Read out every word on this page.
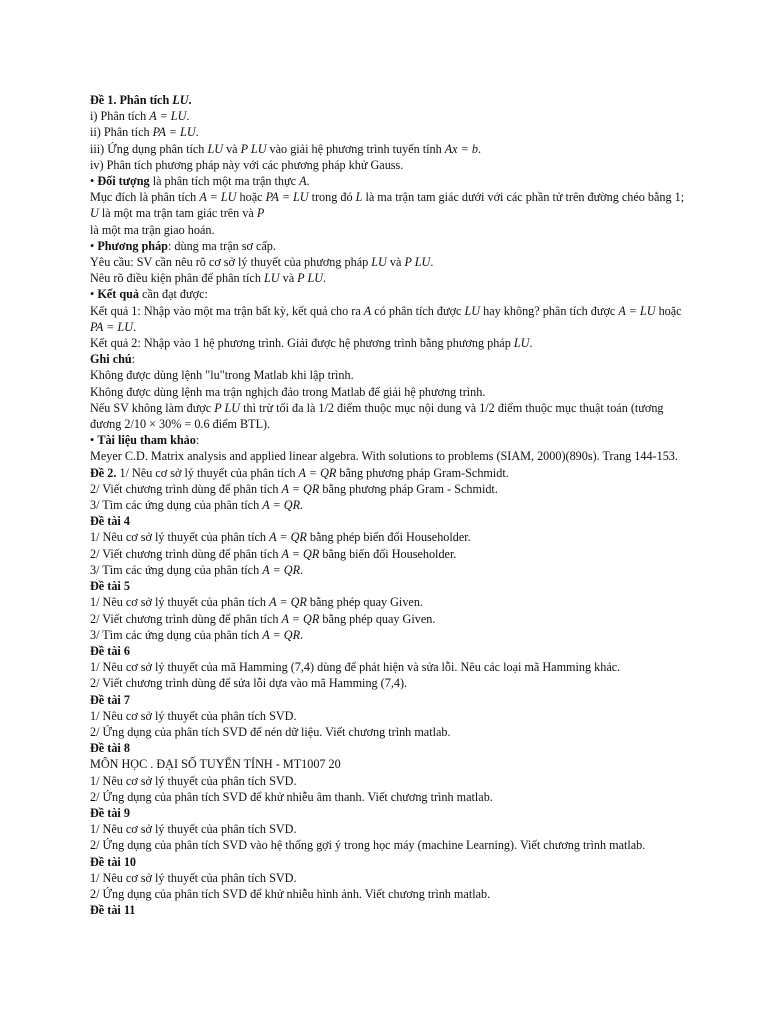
Đề 1. Phân tích LU.
i) Phân tích A = LU.
ii) Phân tích PA = LU.
iii) Ứng dụng phân tích LU và P LU vào giải hệ phương trình tuyến tính Ax = b.
iv) Phân tích phương pháp này với các phương pháp khử Gauss.
• Đối tượng là phân tích một ma trận thực A.
Mục đích là phân tích A = LU hoặc PA = LU trong đó L là ma trận tam giác dưới với các phần tử trên đường chéo bằng 1; U là một ma trận tam giác trên và P
là một ma trận giao hoán.
• Phương pháp: dùng ma trận sơ cấp.
Yêu cầu: SV cần nêu rõ cơ sở lý thuyết của phương pháp LU và P LU.
Nêu rõ điều kiện phân để phân tích LU và P LU.
• Kết quả cần đạt được:
Kết quả 1: Nhập vào một ma trận bất kỳ, kết quả cho ra A có phân tích được LU hay không? phân tích được A = LU hoặc PA = LU.
Kết quả 2: Nhập vào 1 hệ phương trình. Giải được hệ phương trình bằng phương pháp LU.
Ghi chú:
Không được dùng lệnh "lu"trong Matlab khi lập trình.
Không được dùng lệnh ma trận nghịch đảo trong Matlab để giải hệ phương trình.
Nếu SV không làm được P LU thì trừ tối đa là 1/2 điểm thuộc mục nội dung và 1/2 điểm thuộc mục thuật toán (tương đương 2/10 × 30% = 0.6 điểm BTL).
• Tài liệu tham khảo:
Meyer C.D. Matrix analysis and applied linear algebra. With solutions to problems (SIAM, 2000)(890s). Trang 144-153.
Đề 2. 1/ Nêu cơ sở lý thuyết của phân tích A = QR bằng phương pháp Gram-Schmidt.
2/ Viết chương trình dùng để phân tích A = QR bằng phương pháp Gram - Schmidt.
3/ Tìm các ứng dụng của phân tích A = QR.
Đề tài 4
1/ Nêu cơ sở lý thuyết của phân tích A = QR bằng phép biến đổi Householder.
2/ Viết chương trình dùng để phân tích A = QR bằng biến đổi Householder.
3/ Tìm các ứng dụng của phân tích A = QR.
Đề tài 5
1/ Nêu cơ sở lý thuyết của phân tích A = QR bằng phép quay Given.
2/ Viết chương trình dùng để phân tích A = QR bằng phép quay Given.
3/ Tìm các ứng dụng của phân tích A = QR.
Đề tài 6
1/ Nêu cơ sở lý thuyết của mã Hamming (7,4) dùng để phát hiện và sửa lỗi. Nêu các loại mã Hamming khác.
2/ Viết chương trình dùng để sửa lỗi dựa vào mã Hamming (7,4).
Đề tài 7
1/ Nêu cơ sở lý thuyết của phân tích SVD.
2/ Ứng dụng của phân tích SVD để nén dữ liệu. Viết chương trình matlab.
Đề tài 8
MÔN HỌC . ĐẠI SỐ TUYẾN TÍNH - MT1007 20
1/ Nêu cơ sở lý thuyết của phân tích SVD.
2/ Ứng dụng của phân tích SVD để khử nhiễu âm thanh. Viết chương trình matlab.
Đề tài 9
1/ Nêu cơ sở lý thuyết của phân tích SVD.
2/ Ứng dụng của phân tích SVD vào hệ thống gợi ý trong học máy (machine Learning). Viết chương trình matlab.
Đề tài 10
1/ Nêu cơ sở lý thuyết của phân tích SVD.
2/ Ứng dụng của phân tích SVD để khử nhiễu hình ảnh. Viết chương trình matlab.
Đề tài 11
